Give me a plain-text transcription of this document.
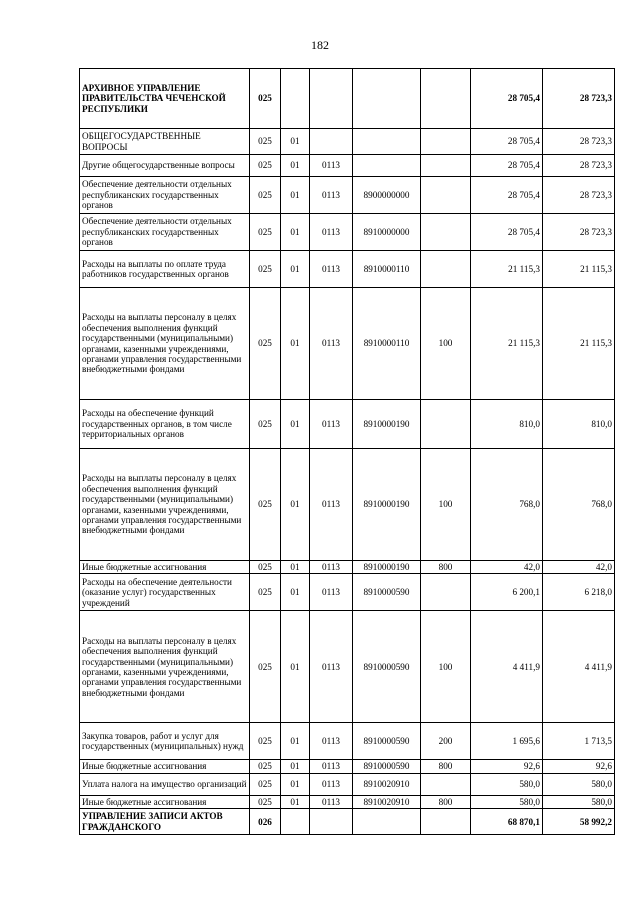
182
АРХИВНОЕ УПРАВЛЕНИЕ ПРАВИТЕЛЬСТВА ЧЕЧЕНСКОЙ РЕСПУБЛИКИ	025					28 705,4	28 723,3
ОБЩЕГОСУДАРСТВЕННЫЕ ВОПРОСЫ	025	01				28 705,4	28 723,3
Другие общегосударственные вопросы	025	01	0113			28 705,4	28 723,3
Обеспечение деятельности отдельных республиканских государственных органов	025	01	0113	8900000000		28 705,4	28 723,3
Обеспечение деятельности отдельных республиканских государственных органов	025	01	0113	8910000000		28 705,4	28 723,3
Расходы на выплаты по оплате труда работников государственных органов	025	01	0113	8910000110		21 115,3	21 115,3
Расходы на выплаты персоналу в целях обеспечения выполнения функций государственными (муниципальными) органами, казенными учреждениями, органами управления государственными внебюджетными фондами	025	01	0113	8910000110	100	21 115,3	21 115,3
Расходы на обеспечение функций государственных органов, в том числе территориальных органов	025	01	0113	8910000190		810,0	810,0
Расходы на выплаты персоналу в целях обеспечения выполнения функций государственными (муниципальными) органами, казенными учреждениями, органами управления государственными внебюджетными фондами	025	01	0113	8910000190	100	768,0	768,0
Иные бюджетные ассигнования	025	01	0113	8910000190	800	42,0	42,0
Расходы на обеспечение деятельности (оказание услуг) государственных учреждений	025	01	0113	8910000590		6 200,1	6 218,0
Расходы на выплаты персоналу в целях обеспечения выполнения функций государственными (муниципальными) органами, казенными учреждениями, органами управления государственными внебюджетными фондами	025	01	0113	8910000590	100	4 411,9	4 411,9
Закупка товаров, работ и услуг для государственных (муниципальных) нужд	025	01	0113	8910000590	200	1 695,6	1 713,5
Иные бюджетные ассигнования	025	01	0113	8910000590	800	92,6	92,6
Уплата налога на имущество организаций	025	01	0113	8910020910		580,0	580,0
Иные бюджетные ассигнования	025	01	0113	8910020910	800	580,0	580,0
УПРАВЛЕНИЕ ЗАПИСИ АКТОВ ГРАЖДАНСКОГО	026					68 870,1	58 992,2
